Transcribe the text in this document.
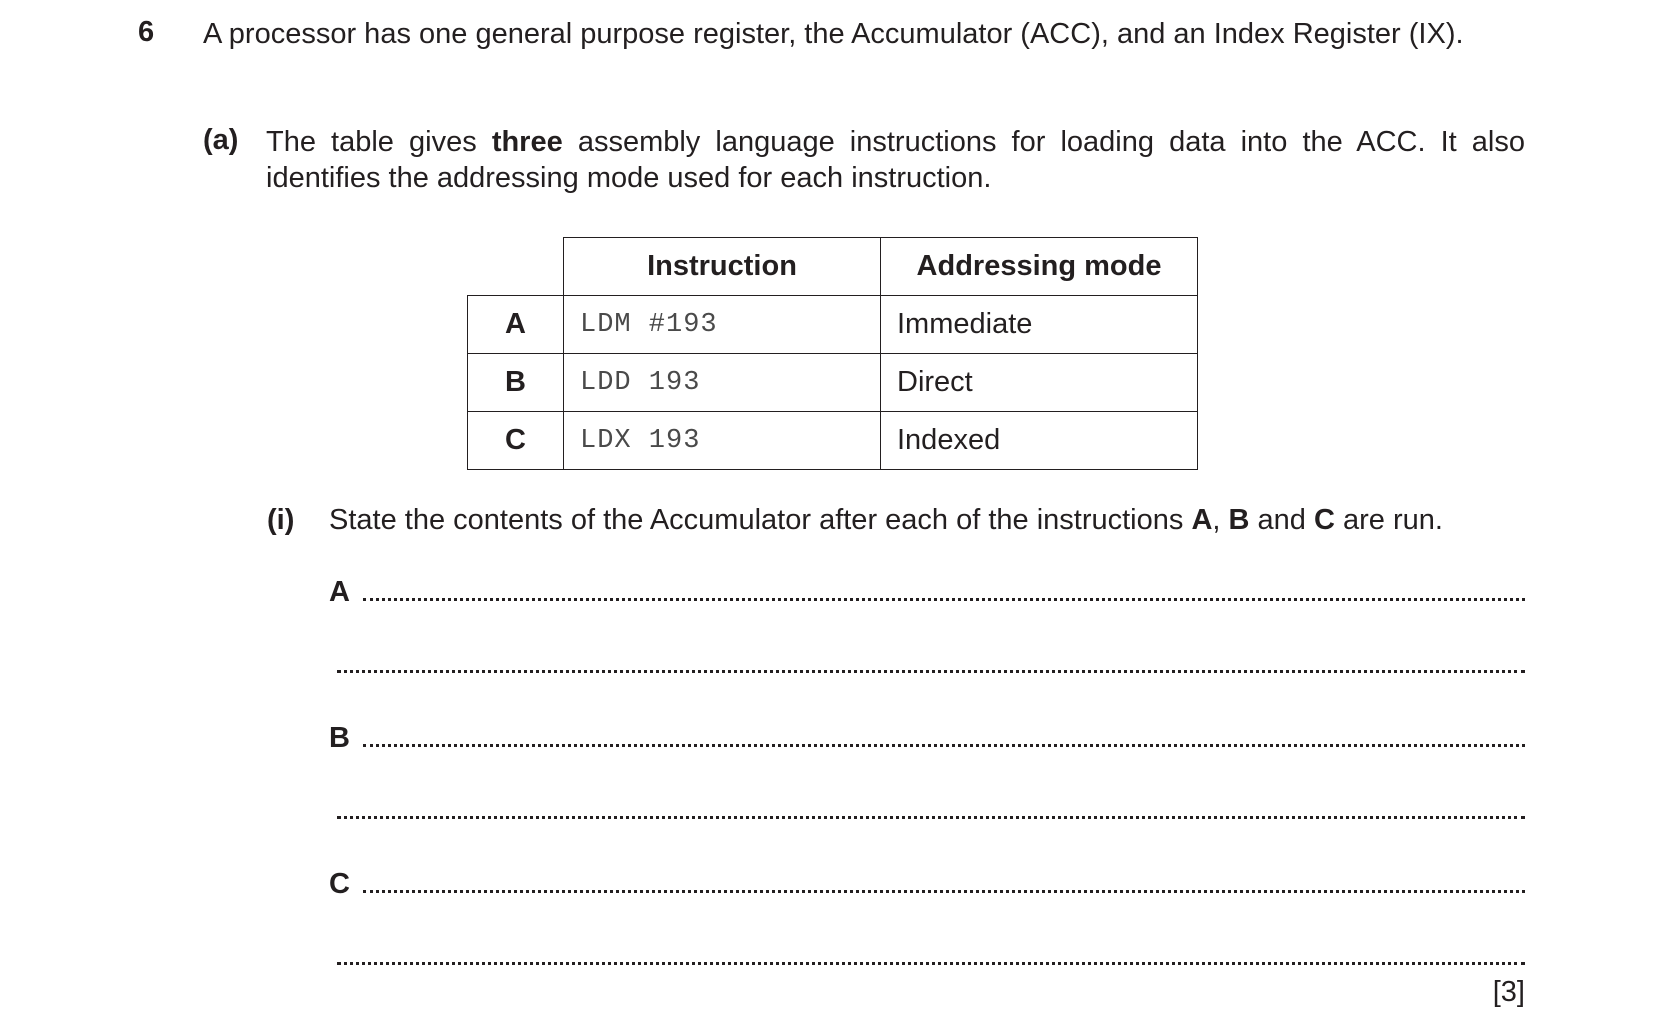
6 A processor has one general purpose register, the Accumulator (ACC), and an Index Register (IX).
(a) The table gives three assembly language instructions for loading data into the ACC. It also identifies the addressing mode used for each instruction.
	Instruction	Addressing mode
A	LDM #193	Immediate
B	LDD 193	Direct
C	LDX 193	Indexed
(i) State the contents of the Accumulator after each of the instructions A, B and C are run.
A
B
C
[3]
